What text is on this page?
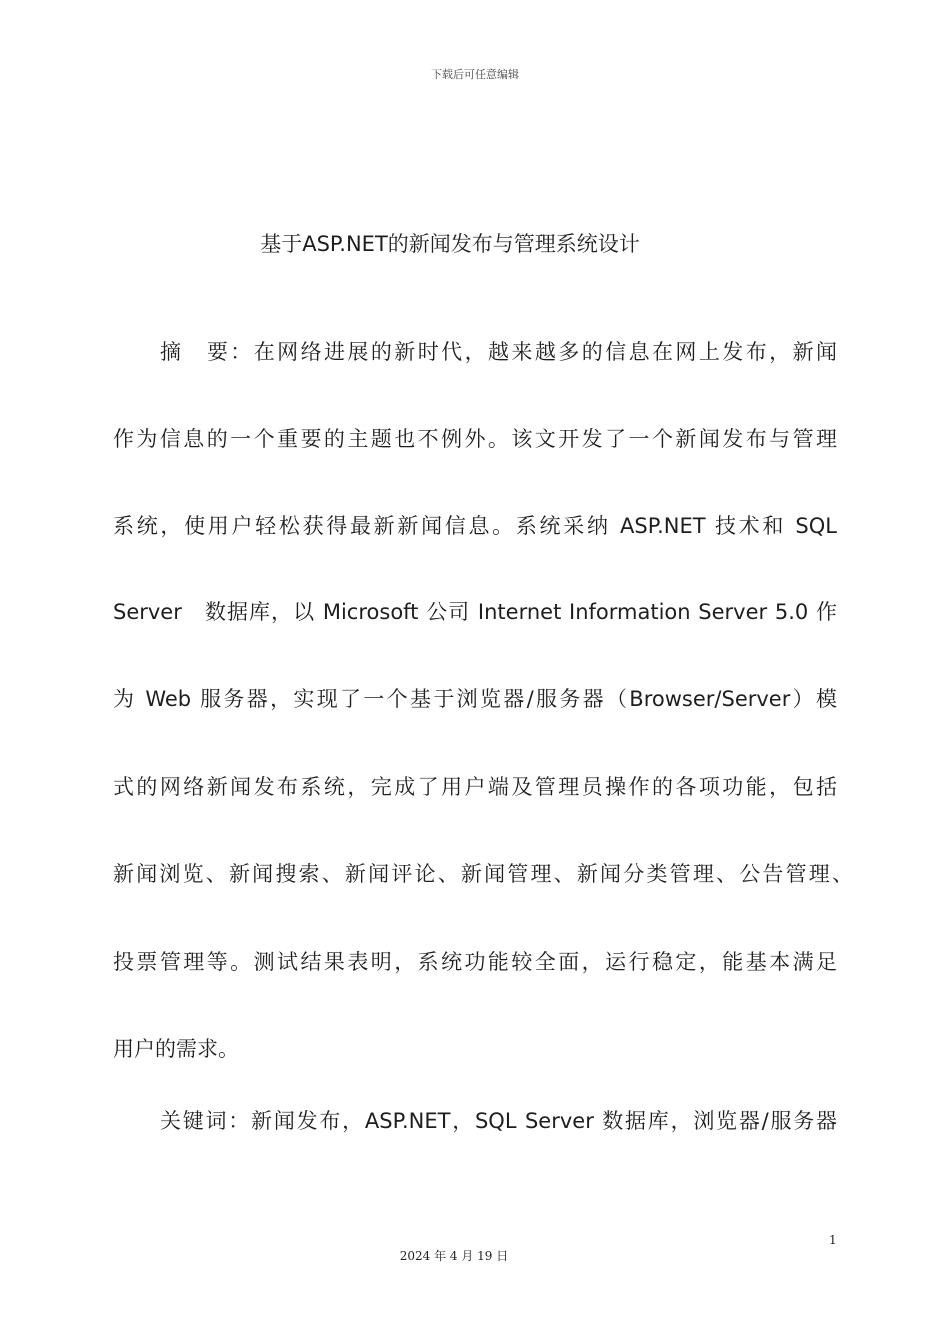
下载后可任意编辑
基于ASP.NET的新闻发布与管理系统设计
摘　要：在网络进展的新时代，越来越多的信息在网上发布，新闻
作为信息的一个重要的主题也不例外。该文开发了一个新闻发布与管理
系统，使用户轻松获得最新新闻信息。系统采纳 ASP.NET 技术和 SQL
Server　数据库，以 Microsoft 公司 Internet Information Server 5.0 作
为 Web 服务器，实现了一个基于浏览器/服务器（Browser/Server）模
式的网络新闻发布系统，完成了用户端及管理员操作的各项功能，包括
新闻浏览、新闻搜索、新闻评论、新闻管理、新闻分类管理、公告管理、
投票管理等。测试结果表明，系统功能较全面，运行稳定，能基本满足
用户的需求。
关键词：新闻发布，ASP.NET，SQL Server 数据库，浏览器/服务器
1
2024 年 4 月 19 日
